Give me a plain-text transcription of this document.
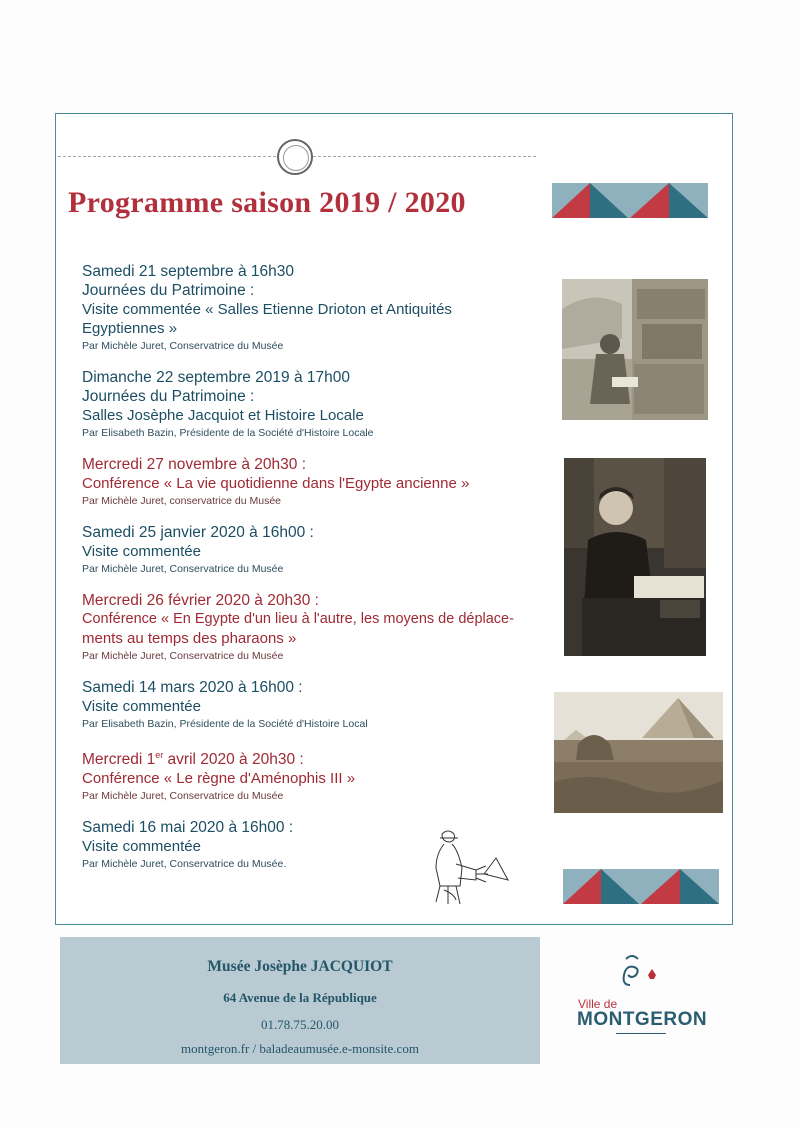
Programme saison 2019 / 2020
Samedi 21 septembre à 16h30
Journées du Patrimoine :
Visite commentée « Salles Etienne Drioton et Antiquités
Egyptiennes »
Par Michèle Juret, Conservatrice du Musée
Dimanche 22 septembre 2019 à 17h00
Journées du Patrimoine :
Salles Josèphe Jacquiot et Histoire Locale
Par Elisabeth Bazin, Présidente de la Société d'Histoire Locale
Mercredi 27 novembre à 20h30 :
Conférence « La vie quotidienne dans l'Egypte ancienne »
Par Michèle Juret, conservatrice du Musée
Samedi 25 janvier 2020 à 16h00 :
Visite commentée
Par Michèle Juret, Conservatrice du Musée
Mercredi 26 février 2020 à 20h30 :
Conférence « En Egypte d'un lieu à l'autre, les moyens de déplace-
ments au temps des pharaons »
Par Michèle Juret, Conservatrice du Musée
Samedi 14 mars 2020 à 16h00 :
Visite commentée
Par Elisabeth Bazin, Présidente de la Société d'Histoire Local
Mercredi 1er avril 2020 à 20h30 :
Conférence « Le règne d'Aménophis III »
Par Michèle Juret, Conservatrice du Musée
Samedi 16 mai 2020 à 16h00 :
Visite commentée
Par Michèle Juret, Conservatrice du Musée.
Musée Josèphe JACQUIOT
64 Avenue de la République
01.78.75.20.00
montgeron.fr / baladeaumusée.e-monsite.com
Ville de
MONTGERON
